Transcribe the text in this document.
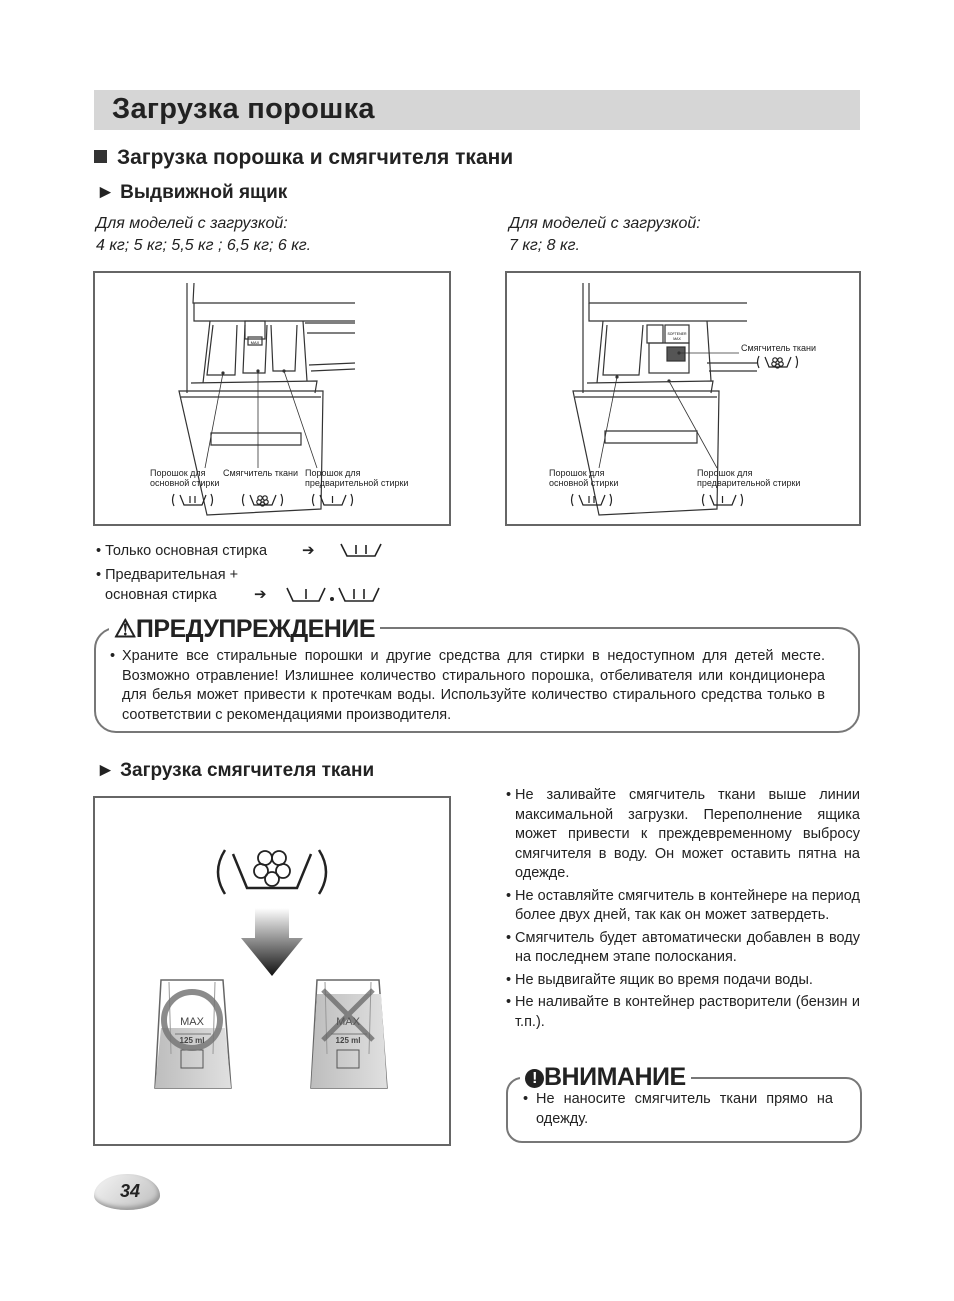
Загрузка порошка
Загрузка порошка и смягчителя ткани
► Выдвижной ящик
Для моделей с загрузкой:
4 кг; 5 кг; 5,5 кг ; 6,5 кг; 6 кг.
Для моделей с загрузкой:
7 кг; 8 кг.
MAX
Порошок для
основной стирки
Смягчитель ткани Порошок для
предварительной стирки
SOFTENER
MAX
Смягчитель ткани
Порошок для
основной стирки
Порошок для
предварительной стирки
• Только основная стирка ➔
• Предварительная +
основная стирка	➔
⚠ПРЕДУПРЕЖДЕНИЕ
• Храните все стиральные порошки и другие средства для стирки в недоступном для детей месте. Возможно отравление! Излишнее количество стирального порошка, отбеливателя или кондиционера для белья может привести к протечкам воды. Используйте количество стирального средства только в соответствии с рекомендациями производителя.
► Загрузка смягчителя ткани
MAX
125 ml
MAX
125 ml
• Не заливайте смягчитель ткани выше линии максимальной загрузки. Переполнение ящика может привести к преждевременному выбросу смягчителя в воду. Он может оставить пятна на одежде.
• Не оставляйте смягчитель в контейнере на период более двух дней, так как он может затвердеть.
• Смягчитель будет автоматически добавлен в воду на последнем этапе полоскания.
• Не выдвигайте ящик во время подачи воды.
• Не наливайте в контейнер растворители (бензин и т.п.).
! ВНИМАНИЕ
• Не наносите смягчитель ткани прямо на одежду.
34
